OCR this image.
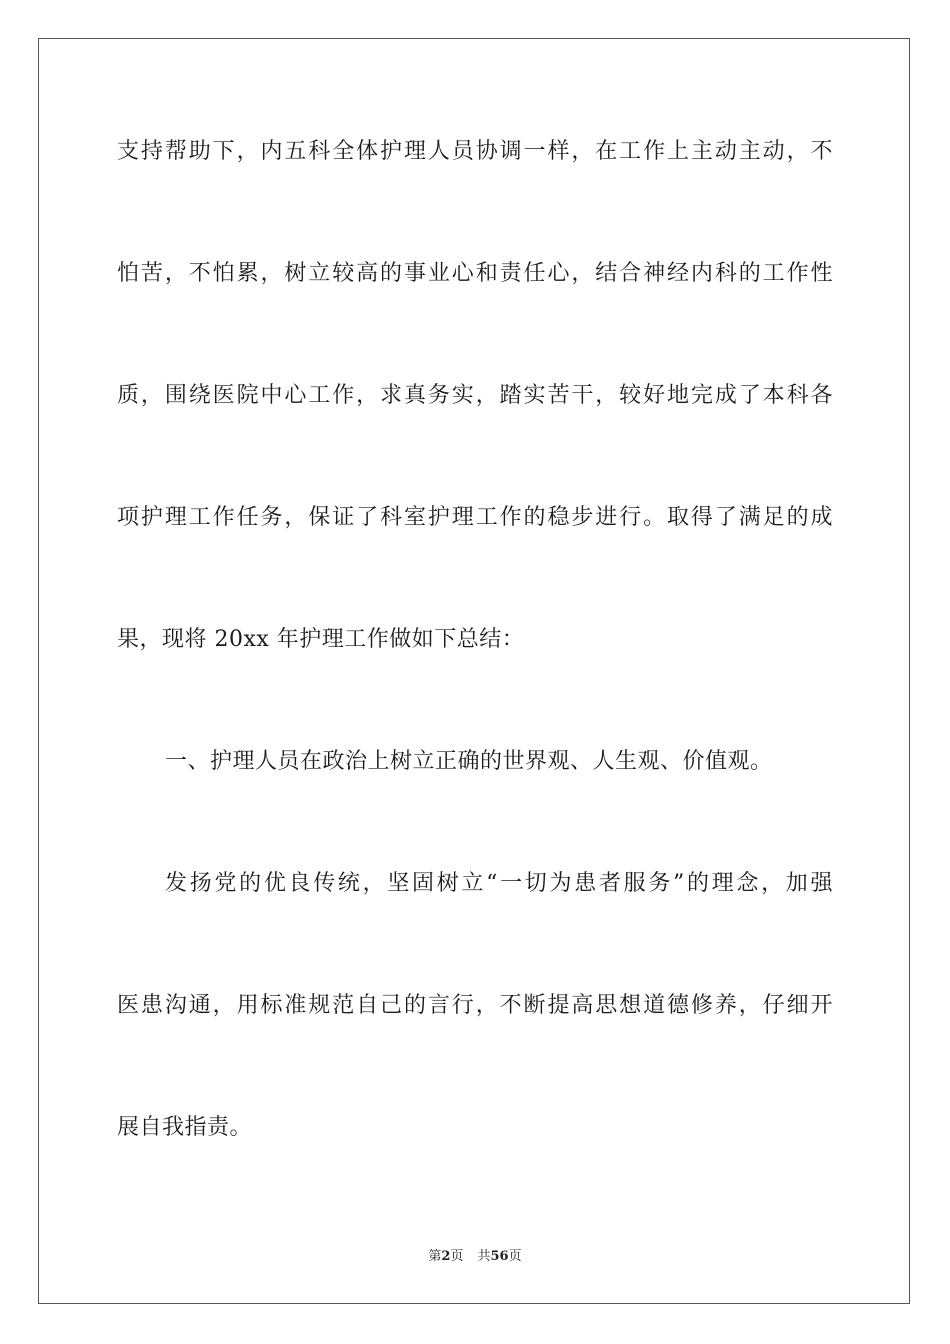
支持帮助下，内五科全体护理人员协调一样，在工作上主动主动，不
怕苦，不怕累，树立较高的事业心和责任心，结合神经内科的工作性
质，围绕医院中心工作，求真务实，踏实苦干，较好地完成了本科各
项护理工作任务，保证了科室护理工作的稳步进行。取得了满足的成
果，现将 20xx 年护理工作做如下总结：
一、护理人员在政治上树立正确的世界观、人生观、价值观。
发扬党的优良传统，坚固树立“一切为患者服务”的理念，加强
医患沟通，用标准规范自己的言行，不断提高思想道德修养，仔细开
展自我指责。
第2页 共56页
